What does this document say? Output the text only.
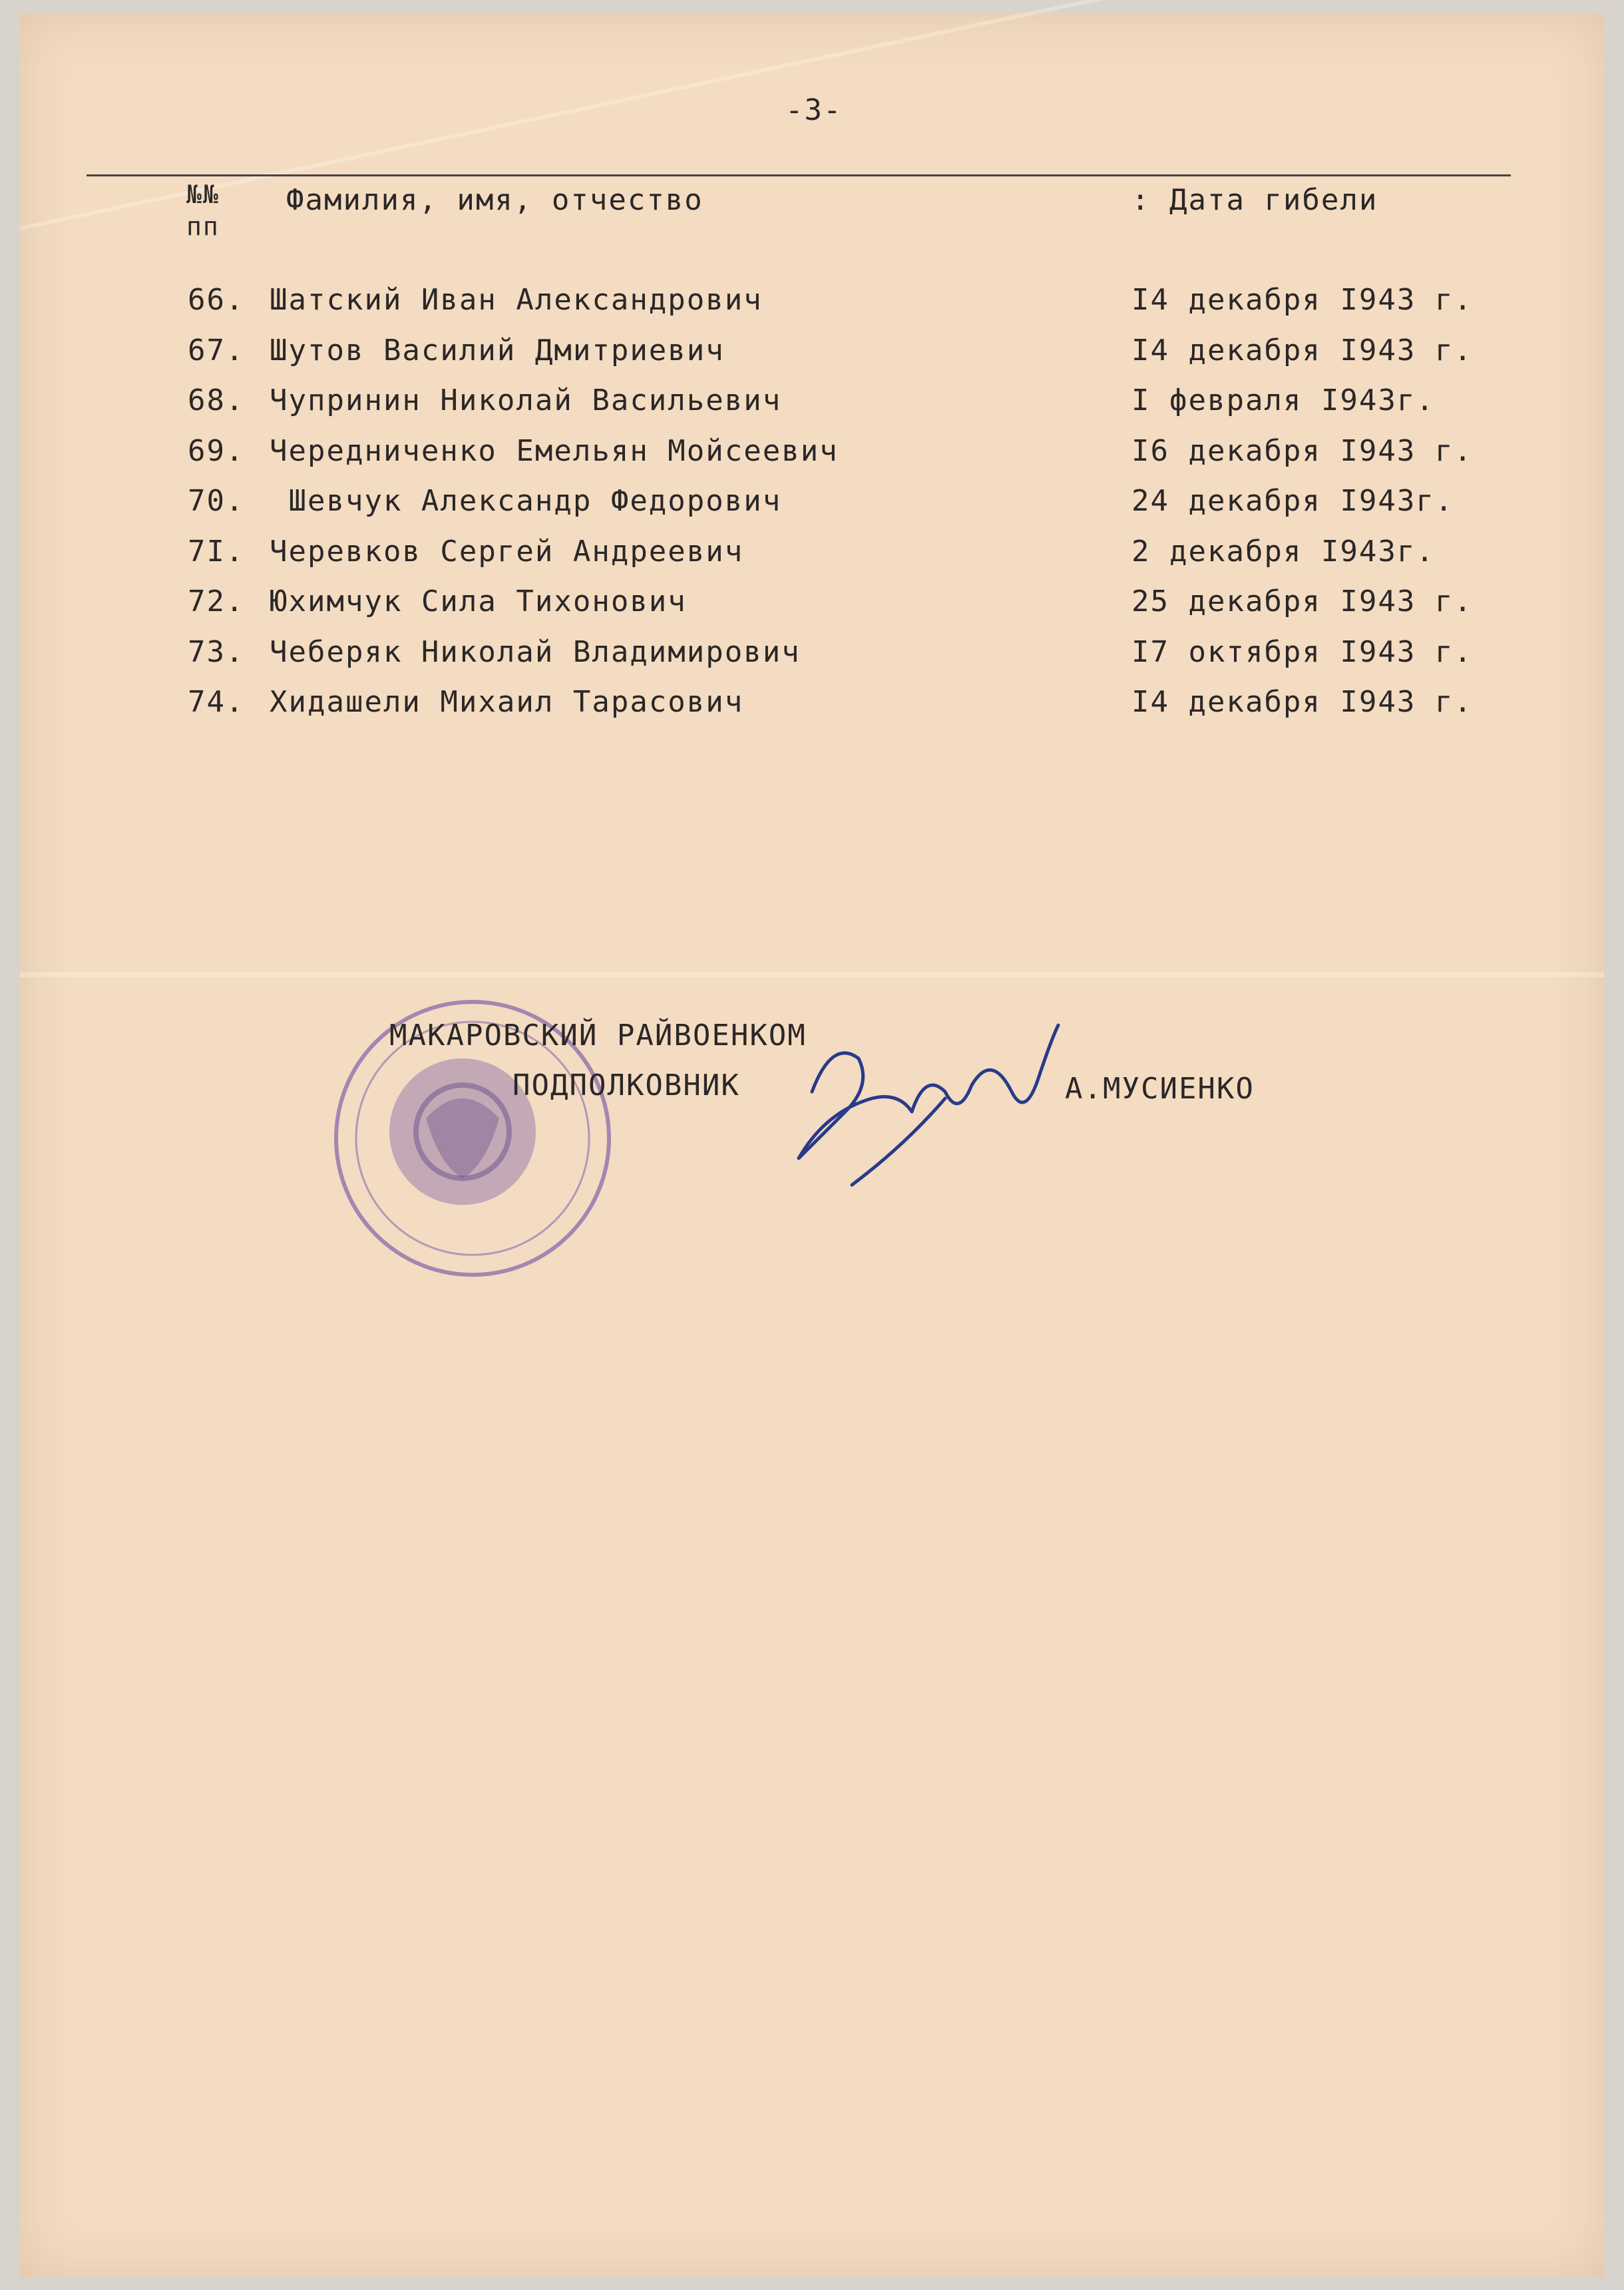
-3-
№№
пп
Фамилия, имя, отчество	: Дата гибели
66. Шатский Иван Александрович	I4 декабря I943 г.
67. Шутов Василий Дмитриевич	I4 декабря I943 г.
68. Чупринин Николай Васильевич	I февраля I943г.
69. Чередниченко Емельян Мойсеевич	I6 декабря I943 г.
70. Шевчук Александр Федорович	24 декабря I943г.
7I. Черевков Сергей Андреевич	2 декабря I943г.
72. Юхимчук Сила Тихонович	25 декабря I943 г.
73. Чеберяк Николай Владимирович	I7 октября I943 г.
74. Хидашели Михаил Тарасович	I4 декабря I943 г.
МАКАРОВСКИЙ РАЙВОЕНКОМ
ПОДПОЛКОВНИК	А.МУСИЕНКО
